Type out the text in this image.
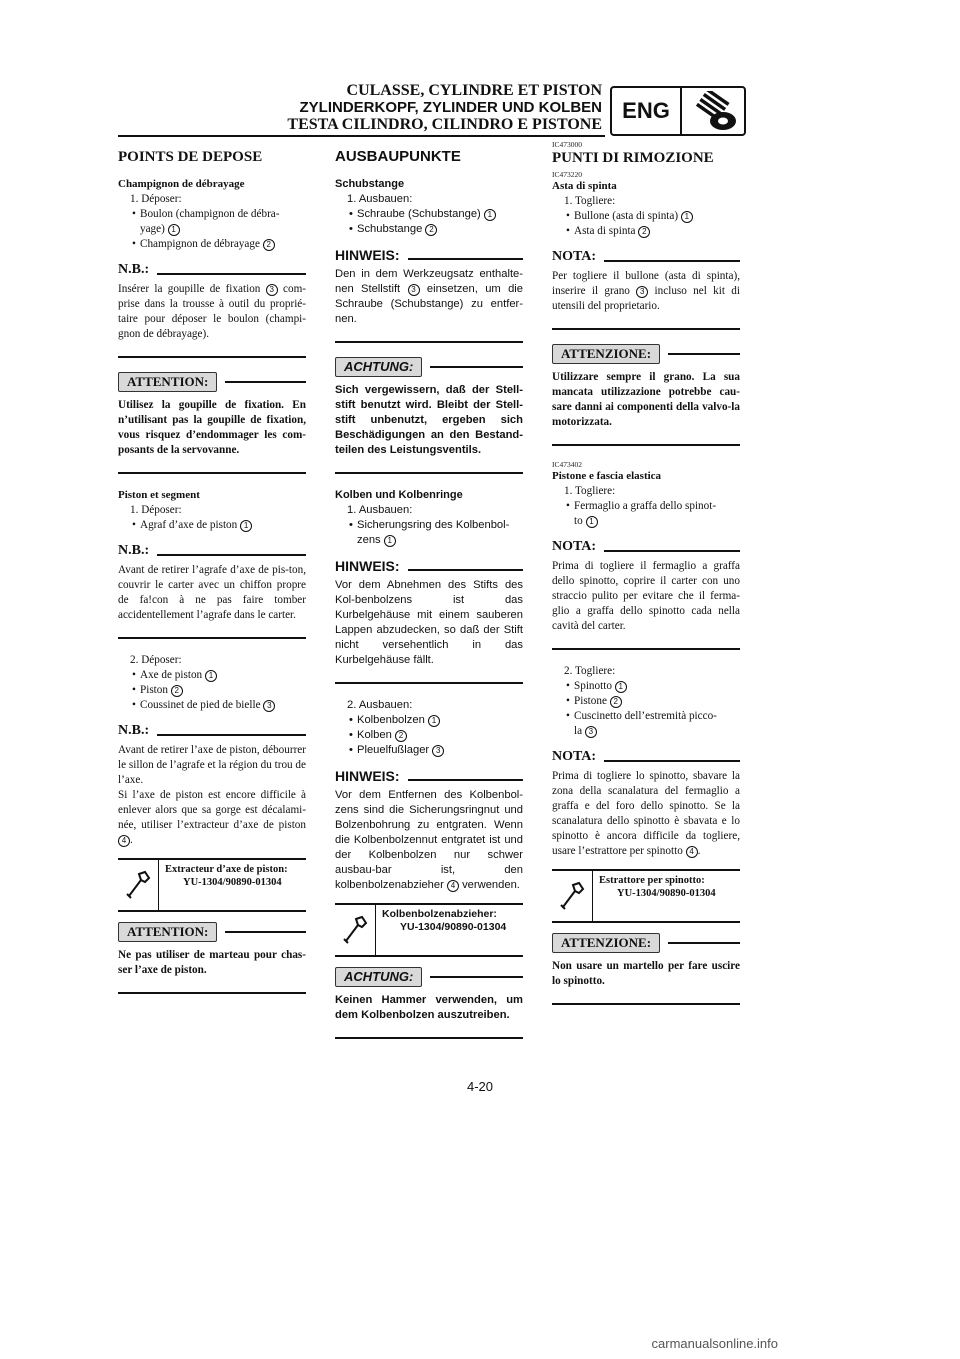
CULASSE, CYLINDRE ET PISTON
ZYLINDERKOPF, ZYLINDER UND KOLBEN
TESTA CILINDRO, CILINDRO E PISTONE
ENG
POINTS DE DEPOSE

Champignon de débrayage

1. Déposer:

• Boulon (champignon de débra-
yage) 1

• Champignon de débrayage 2

N.B.:

Insérer la goupille de fixation 3 com-prise dans la trousse à outil du proprié-taire pour déposer le boulon (champi-gnon de débrayage).

ATTENTION:

Utilisez la goupille de fixation. En n’utilisant pas la goupille de fixation, vous risquez d’endommager les com-posants de la servovanne.

Piston et segment

1. Déposer:

• Agraf d’axe de piston 1

N.B.:

Avant de retirer l’agrafe d’axe de pis-ton, couvrir le carter avec un chiffon propre de fa!con à ne pas faire tomber accidentellement l’agrafe dans le carter.

2. Déposer:

• Axe de piston 1

• Piston 2

• Coussinet de pied de bielle 3

N.B.:

Avant de retirer l’axe de piston, débourrer le sillon de l’agrafe et la région du trou de l’axe.

Si l’axe de piston est encore difficile à enlever alors que sa gorge est décalami-née, utiliser l’extracteur d’axe de piston 4 .

Extracteur d’axe de piston:
YU-1304/90890-01304
ATTENTION:

Ne pas utiliser de marteau pour chas-ser l’axe de piston.

AUSBAUPUNKTE

Schubstange

1. Ausbauen:

• Schraube (Schubstange) 1

• Schubstange 2

HINWEIS:

Den in dem Werkzeugsatz enthalte-nen Stellstift 3 einsetzen, um die Schraube (Schubstange) zu entfer-nen.

ACHTUNG:

Sich vergewissern, daß der Stell-stift benutzt wird. Bleibt der Stell-stift unbenutzt, ergeben sich Beschädigungen an den Bestand-teilen des Leistungsventils.

Kolben und Kolbenringe

1. Ausbauen:

• Sicherungsring des Kolbenbol-
zens 1

HINWEIS:

Vor dem Abnehmen des Stifts des Kol-benbolzens ist das Kurbelgehäuse mit einem sauberen Lappen abzudecken, so daß der Stift nicht versehentlich in das Kurbelgehäuse fällt.

2. Ausbauen:

• Kolbenbolzen 1

• Kolben 2

• Pleuelfußlager 3

HINWEIS:

Vor dem Entfernen des Kolbenbol-zens sind die Sicherungsringnut und Bolzenbohrung zu entgraten. Wenn die Kolbenbolzennut entgratet ist und der Kolbenbolzen nur schwer ausbau-bar ist, den kolbenbolzenabzieher 4 verwenden.

Kolbenbolzenabzieher:
YU-1304/90890-01304
ACHTUNG:

Keinen Hammer verwenden, um dem Kolbenbolzen auszutreiben.

IC473000
PUNTI DI RIMOZIONE
IC473220

Asta di spinta

1. Togliere:

• Bullone (asta di spinta) 1

• Asta di spinta 2

NOTA:

Per togliere il bullone (asta di spinta), inserire il grano 3 incluso nel kit di utensili del proprietario.

ATTENZIONE:

Utilizzare sempre il grano. La sua mancata utilizzazione potrebbe cau-sare danni ai componenti della valvo-la motorizzata.

IC473402

Pistone e fascia elastica

1. Togliere:

• Fermaglio a graffa dello spinot-
to 1

NOTA:

Prima di togliere il fermaglio a graffa dello spinotto, coprire il carter con uno straccio pulito per evitare che il ferma-glio a graffa dello spinotto cada nella cavità del carter.

2. Togliere:

• Spinotto 1

• Pistone 2

• Cuscinetto dell’estremità picco-
la 3

NOTA:

Prima di togliere lo spinotto, sbavare la zona della scanalatura del fermaglio a graffa e del foro dello spinotto. Se la scanalatura dello spinotto è sbavata e lo spinotto è ancora difficile da togliere, usare l’estrattore per spinotto 4 .

Estrattore per spinotto:
YU-1304/90890-01304
ATTENZIONE:

Non usare un martello per fare uscire lo spinotto.

4-20
carmanualsonline.info
